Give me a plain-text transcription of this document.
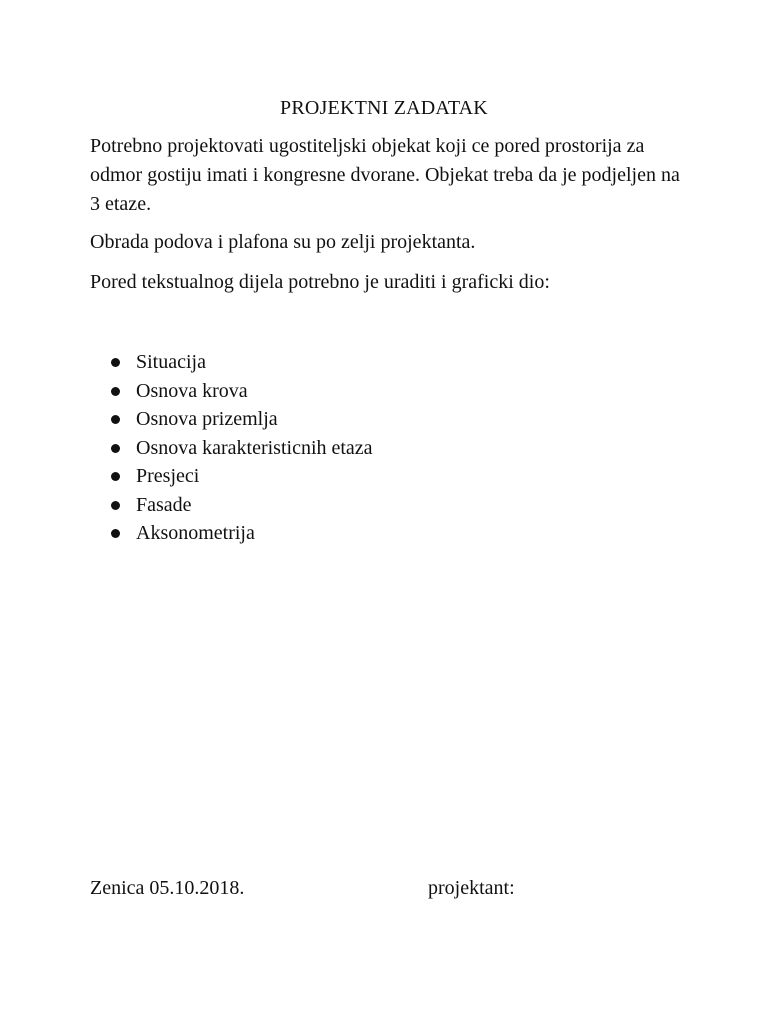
PROJEKTNI ZADATAK

Potrebno projektovati ugostiteljski objekat koji ce pored prostorija za odmor gostiju imati i kongresne dvorane. Objekat treba da je podjeljen na 3 etaze.

Obrada podova i plafona su po zelji projektanta.

Pored tekstualnog dijela potrebno je uraditi i graficki dio:

Situacija
Osnova krova
Osnova prizemlja
Osnova karakteristicnih etaza
Presjeci
Fasade
Aksonometrija
Zenica 05.10.2018.	projektant:
